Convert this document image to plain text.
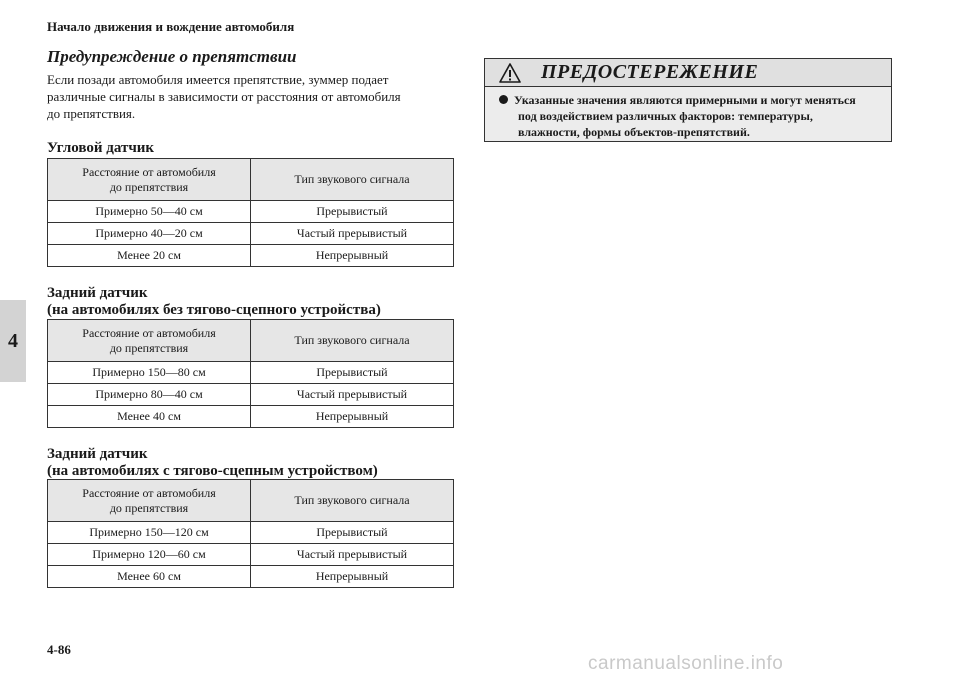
Начало движения и вождение автомобиля
4
Предупреждение о препятствии
Если позади автомобиля имеется препятствие, зуммер подает
различные сигналы в зависимости от расстояния от автомобиля
до препятствия.
Угловой датчик
Расстояние от автомобиля
до препятствия	Тип звукового сигнала

Примерно 50—40 см	Прерывистый
Примерно 40—20 см	Частый прерывистый
Менее 20 см	Непрерывный
Задний датчик
(на автомобилях без тягово-сцепного устройства)
Расстояние от автомобиля
до препятствия	Тип звукового сигнала

Примерно 150—80 см	Прерывистый
Примерно 80—40 см	Частый прерывистый
Менее 40 см	Непрерывный
Задний датчик
(на автомобилях с тягово-сцепным устройством)
Расстояние от автомобиля
до препятствия	Тип звукового сигнала

Примерно 150—120 см	Прерывистый
Примерно 120—60 см	Частый прерывистый
Менее 60 см	Непрерывный
ПРЕДОСТЕРЕЖЕНИЕ
Указанные значения являются примерными и могут меняться
под воздействием различных факторов: температуры,
влажности, формы объектов-препятствий.
4-86
carmanualsonline.info
